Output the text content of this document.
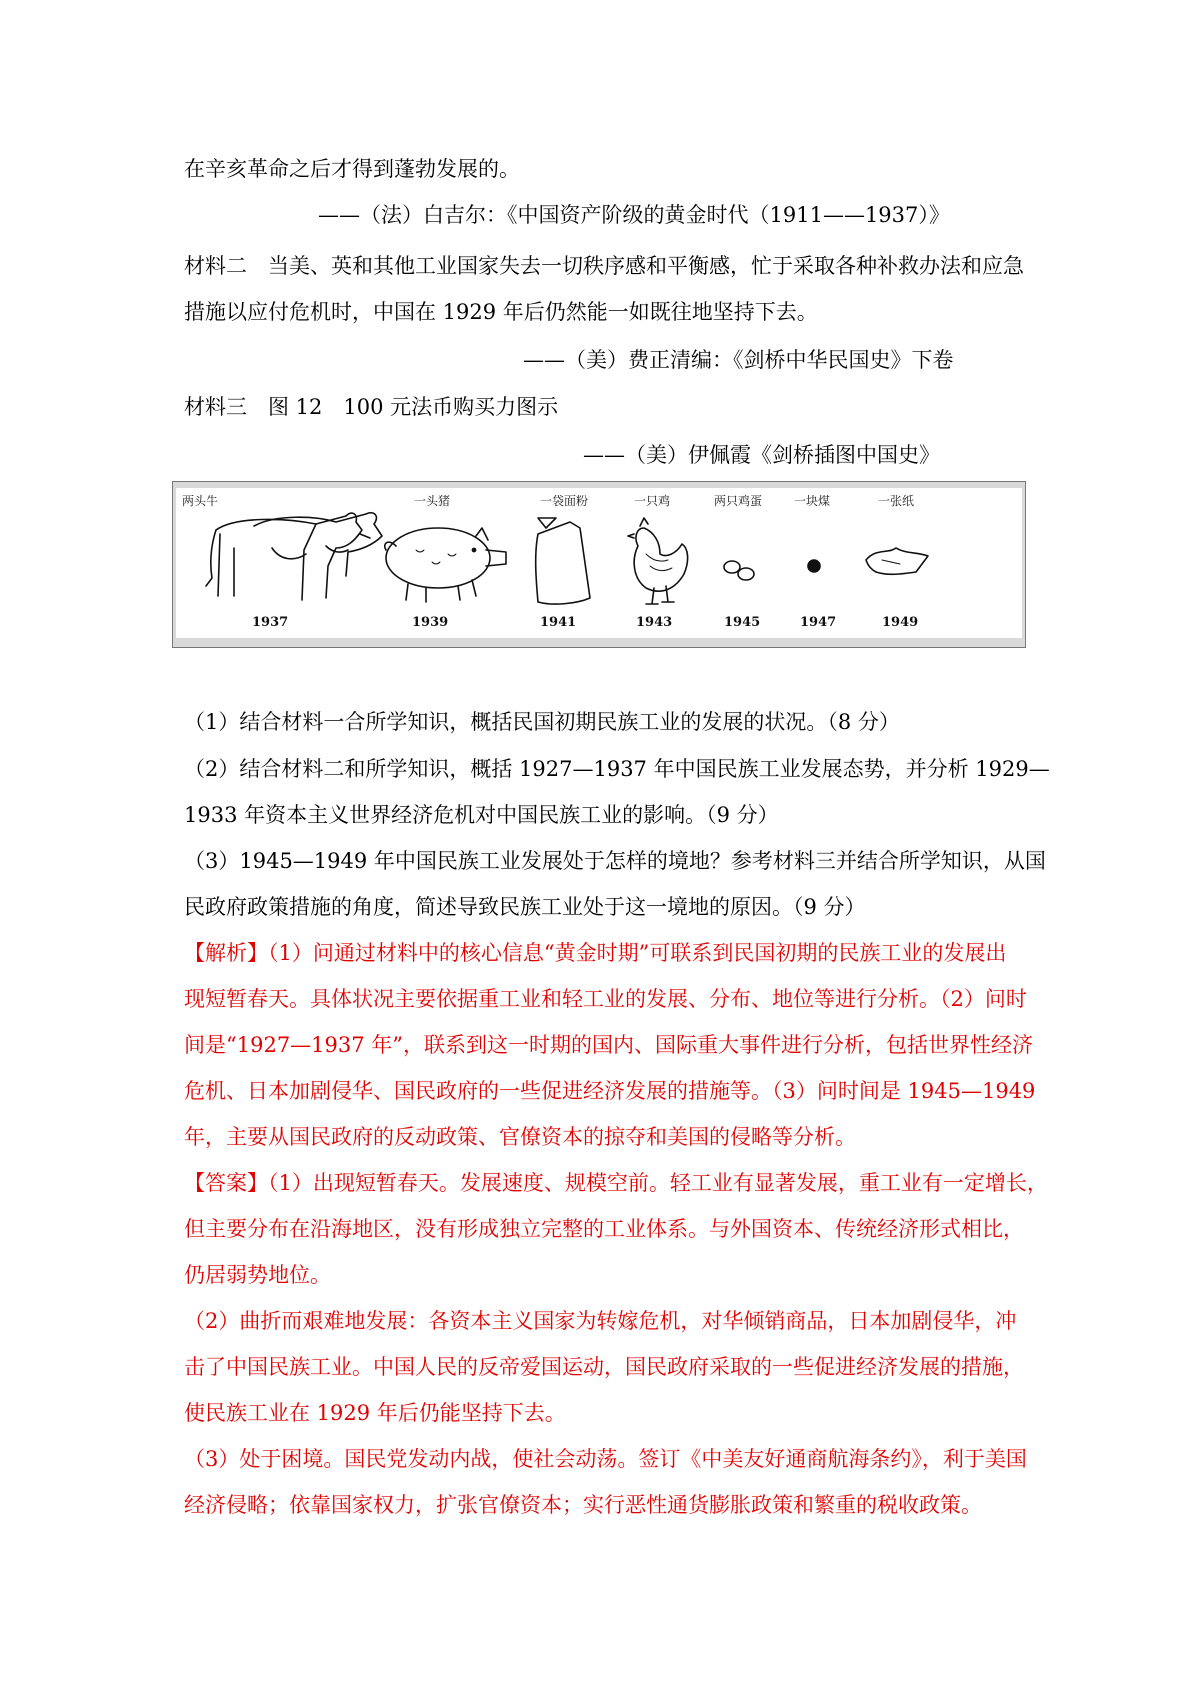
在辛亥革命之后才得到蓬勃发展的。
——（法）白吉尔：《中国资产阶级的黄金时代（1911——1937）》
材料二　当美、英和其他工业国家失去一切秩序感和平衡感，忙于采取各种补救办法和应急
措施以应付危机时，中国在 1929 年后仍然能一如既往地坚持下去。
——（美）费正清编：《剑桥中华民国史》下卷
材料三　图 12　100 元法币购买力图示
——（美）伊佩霞《剑桥插图中国史》
两头牛	一头猪	一袋面粉	一只鸡	两只鸡蛋	一块煤	一张纸
1937	1939	1941	1943	1945	1947	1949
（1）结合材料一合所学知识，概括民国初期民族工业的发展的状况。（8 分）
（2）结合材料二和所学知识，概括 1927—1937 年中国民族工业发展态势，并分析 1929—
1933 年资本主义世界经济危机对中国民族工业的影响。（9 分）
（3）1945—1949 年中国民族工业发展处于怎样的境地？参考材料三并结合所学知识，从国
民政府政策措施的角度，简述导致民族工业处于这一境地的原因。（9 分）
【解析】（1）问通过材料中的核心信息“黄金时期”可联系到民国初期的民族工业的发展出
现短暂春天。具体状况主要依据重工业和轻工业的发展、分布、地位等进行分析。（2）问时
间是“1927—1937 年”，联系到这一时期的国内、国际重大事件进行分析，包括世界性经济
危机、日本加剧侵华、国民政府的一些促进经济发展的措施等。（3）问时间是 1945—1949
年，主要从国民政府的反动政策、官僚资本的掠夺和美国的侵略等分析。
【答案】（1）出现短暂春天。发展速度、规模空前。轻工业有显著发展，重工业有一定增长，
但主要分布在沿海地区，没有形成独立完整的工业体系。与外国资本、传统经济形式相比，
仍居弱势地位。
（2）曲折而艰难地发展：各资本主义国家为转嫁危机，对华倾销商品，日本加剧侵华，冲
击了中国民族工业。中国人民的反帝爱国运动，国民政府采取的一些促进经济发展的措施，
使民族工业在 1929 年后仍能坚持下去。
（3）处于困境。国民党发动内战，使社会动荡。签订《中美友好通商航海条约》，利于美国
经济侵略；依靠国家权力，扩张官僚资本；实行恶性通货膨胀政策和繁重的税收政策。
